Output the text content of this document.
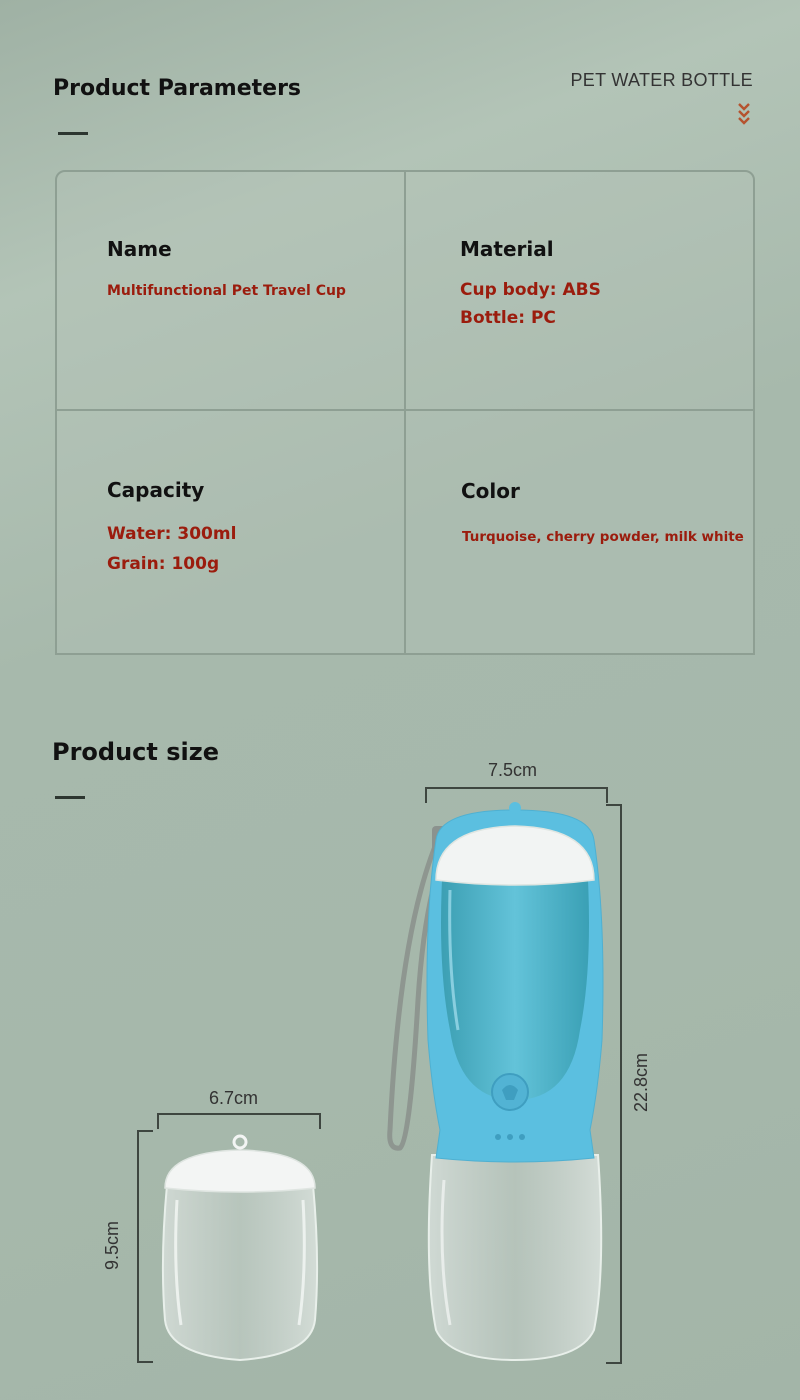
Product Parameters	PET WATER BOTTLE
Name
Multifunctional Pet Travel Cup
Material
Cup body: ABS
Bottle: PC
Capacity
Water: 300ml
Grain: 100g
Color
Turquoise, cherry powder, milk white
Product size
6.7cm
9.5cm
7.5cm
22.8cm
